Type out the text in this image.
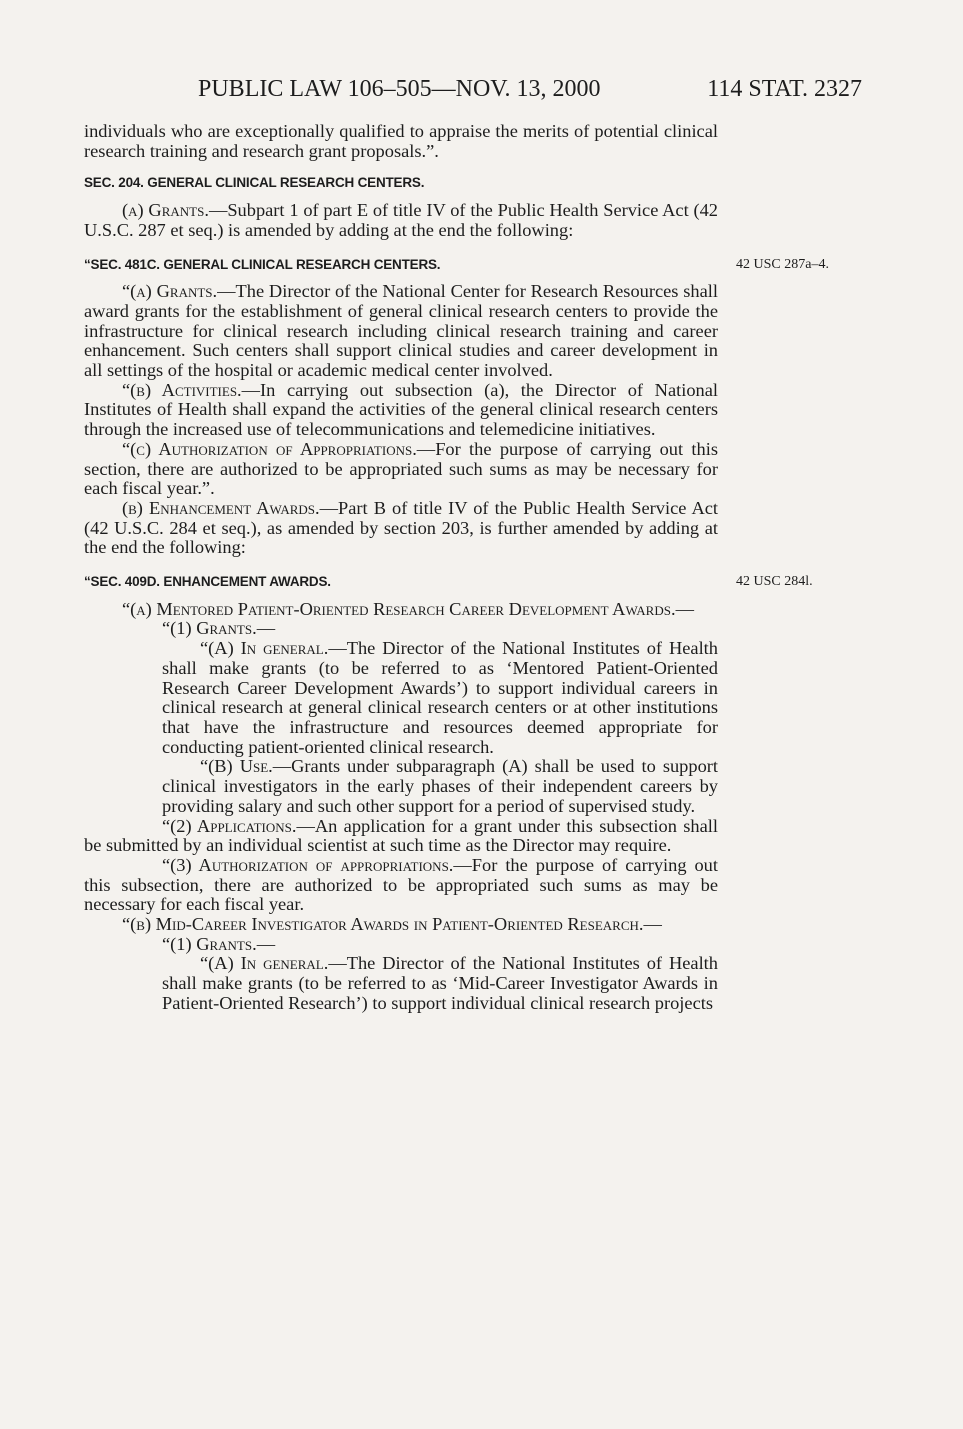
PUBLIC LAW 106–505—NOV. 13, 2000	114 STAT. 2327

individuals who are exceptionally qualified to appraise the merits of potential clinical research training and research grant proposals.”.

SEC. 204. GENERAL CLINICAL RESEARCH CENTERS.

(a) Grants.—Subpart 1 of part E of title IV of the Public Health Service Act (42 U.S.C. 287 et seq.) is amended by adding at the end the following:

“SEC. 481C. GENERAL CLINICAL RESEARCH CENTERS.	42 USC 287a–4.

“(a) Grants.—The Director of the National Center for Research Resources shall award grants for the establishment of general clinical research centers to provide the infrastructure for clinical research including clinical research training and career enhancement. Such centers shall support clinical studies and career development in all settings of the hospital or academic medical center involved.

“(b) Activities.—In carrying out subsection (a), the Director of National Institutes of Health shall expand the activities of the general clinical research centers through the increased use of telecommunications and telemedicine initiatives.

“(c) Authorization of Appropriations.—For the purpose of carrying out this section, there are authorized to be appropriated such sums as may be necessary for each fiscal year.”.

(b) Enhancement Awards.—Part B of title IV of the Public Health Service Act (42 U.S.C. 284 et seq.), as amended by section 203, is further amended by adding at the end the following:

“SEC. 409D. ENHANCEMENT AWARDS.	42 USC 284l.

“(a) Mentored Patient-Oriented Research Career Development Awards.—

“(1) Grants.—

“(A) In general.—The Director of the National Institutes of Health shall make grants (to be referred to as ‘Mentored Patient-Oriented Research Career Development Awards’) to support individual careers in clinical research at general clinical research centers or at other institutions that have the infrastructure and resources deemed appropriate for conducting patient-oriented clinical research.

“(B) Use.—Grants under subparagraph (A) shall be used to support clinical investigators in the early phases of their independent careers by providing salary and such other support for a period of supervised study.

“(2) Applications.—An application for a grant under this subsection shall be submitted by an individual scientist at such time as the Director may require.

“(3) Authorization of appropriations.—For the purpose of carrying out this subsection, there are authorized to be appropriated such sums as may be necessary for each fiscal year.

“(b) Mid-Career Investigator Awards in Patient-Oriented Research.—

“(1) Grants.—

“(A) In general.—The Director of the National Institutes of Health shall make grants (to be referred to as ‘Mid-Career Investigator Awards in Patient-Oriented Research’) to support individual clinical research projects
